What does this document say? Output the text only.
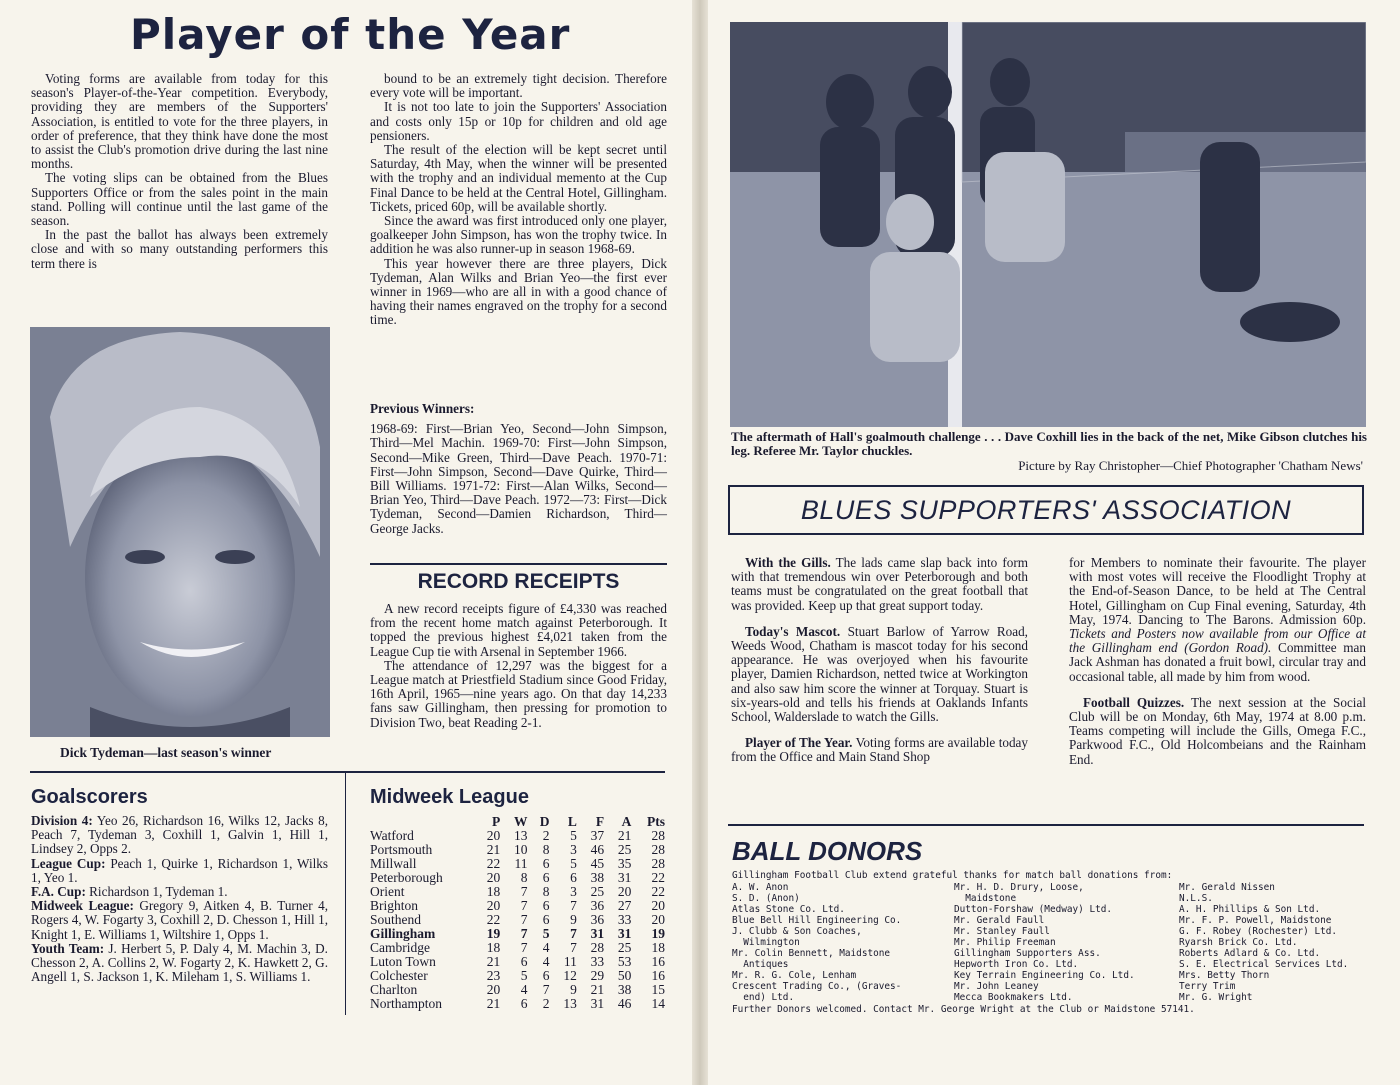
Player of the Year

Voting forms are available from today for this season's Player-of-the-Year competition. Everybody, providing they are members of the Supporters' Association, is entitled to vote for the three players, in order of preference, that they think have done the most to assist the Club's promotion drive during the last nine months.

The voting slips can be obtained from the Blues Supporters Office or from the sales point in the main stand. Polling will continue until the last game of the season.

In the past the ballot has always been extremely close and with so many outstanding performers this term there is

Dick Tydeman—last season's winner

bound to be an extremely tight decision. Therefore every vote will be important.

It is not too late to join the Supporters' Association and costs only 15p or 10p for children and old age pensioners.

The result of the election will be kept secret until Saturday, 4th May, when the winner will be presented with the trophy and an individual memento at the Cup Final Dance to be held at the Central Hotel, Gillingham. Tickets, priced 60p, will be available shortly.

Since the award was first introduced only one player, goalkeeper John Simpson, has won the trophy twice. In addition he was also runner-up in season 1968-69.

This year however there are three players, Dick Tydeman, Alan Wilks and Brian Yeo—the first ever winner in 1969—who are all in with a good chance of having their names engraved on the trophy for a second time.

Previous Winners:

1968-69: First—Brian Yeo, Second—John Simpson, Third—Mel Machin. 1969-70: First—John Simpson, Second—Mike Green, Third—Dave Peach. 1970-71: First—John Simpson, Second—Dave Quirke, Third—Bill Williams. 1971-72: First—Alan Wilks, Second—Brian Yeo, Third—Dave Peach. 1972—73: First—Dick Tydeman, Second—Damien Richardson, Third—George Jacks.

RECORD RECEIPTS

A new record receipts figure of £4,330 was reached from the recent home match against Peterborough. It topped the previous highest £4,021 taken from the League Cup tie with Arsenal in September 1966.

The attendance of 12,297 was the biggest for a League match at Priestfield Stadium since Good Friday, 16th April, 1965—nine years ago. On that day 14,233 fans saw Gillingham, then pressing for promotion to Division Two, beat Reading 2-1.

Goalscorers

Division 4: Yeo 26, Richardson 16, Wilks 12, Jacks 8, Peach 7, Tydeman 3, Coxhill 1, Galvin 1, Hill 1, Lindsey 2, Opps 2.

League Cup: Peach 1, Quirke 1, Richardson 1, Wilks 1, Yeo 1.

F.A. Cup: Richardson 1, Tydeman 1.

Midweek League: Gregory 9, Aitken 4, B. Turner 4, Rogers 4, W. Fogarty 3, Coxhill 2, D. Chesson 1, Hill 1, Knight 1, E. Williams 1, Wiltshire 1, Opps 1.

Youth Team: J. Herbert 5, P. Daly 4, M. Machin 3, D. Chesson 2, A. Collins 2, W. Fogarty 2, K. Hawkett 2, G. Angell 1, S. Jackson 1, K. Mileham 1, S. Williams 1.

Midweek League
	P	W	D	L	F	A	Pts
Watford	20	13	2	5	37	21	28
Portsmouth	21	10	8	3	46	25	28
Millwall	22	11	6	5	45	35	28
Peterborough	20	8	6	6	38	31	22
Orient	18	7	8	3	25	20	22
Brighton	20	7	6	7	36	27	20
Southend	22	7	6	9	36	33	20
Gillingham	19	7	5	7	31	31	19
Cambridge	18	7	4	7	28	25	18
Luton Town	21	6	4	11	33	53	16
Colchester	23	5	6	12	29	50	16
Charlton	20	4	7	9	21	38	15
Northampton	21	6	2	13	31	46	14
The aftermath of Hall's goalmouth challenge . . . Dave Coxhill lies in the back of the net, Mike Gibson clutches his leg. Referee Mr. Taylor chuckles.
Picture by Ray Christopher—Chief Photographer 'Chatham News'
BLUES SUPPORTERS' ASSOCIATION

With the Gills. The lads came slap back into form with that tremendous win over Peterborough and both teams must be congratulated on the great football that was provided. Keep up that great support today.

Today's Mascot. Stuart Barlow of Yarrow Road, Weeds Wood, Chatham is mascot today for his second appearance. He was overjoyed when his favourite player, Damien Richardson, netted twice at Workington and also saw him score the winner at Torquay. Stuart is six-years-old and tells his friends at Oaklands Infants School, Walderslade to watch the Gills.

Player of The Year. Voting forms are available today from the Office and Main Stand Shop

for Members to nominate their favourite. The player with most votes will receive the Floodlight Trophy at the End-of-Season Dance, to be held at The Central Hotel, Gillingham on Cup Final evening, Saturday, 4th May, 1974. Dancing to The Barons. Admission 60p. Tickets and Posters now available from our Office at the Gillingham end (Gordon Road). Committee man Jack Ashman has donated a fruit bowl, circular tray and occasional table, all made by him from wood.

Football Quizzes. The next session at the Social Club will be on Monday, 6th May, 1974 at 8.00 p.m. Teams competing will include the Gills, Omega F.C., Parkwood F.C., Old Holcombeians and the Rainham End.

BALL DONORS
Gillingham Football Club extend grateful thanks for match ball donations from:
A. W. Anon
S. D. (Anon)
Atlas Stone Co. Ltd.
Blue Bell Hill Engineering Co.
J. Clubb & Son Coaches,
Wilmington
Mr. Colin Bennett, Maidstone
Antiques
Mr. R. G. Cole, Lenham
Crescent Trading Co., (Graves-
end) Ltd.
Mr. H. D. Drury, Loose,
Maidstone
Dutton-Forshaw (Medway) Ltd.
Mr. Gerald Faull
Mr. Stanley Faull
Mr. Philip Freeman
Gillingham Supporters Ass.
Hepworth Iron Co. Ltd.
Key Terrain Engineering Co. Ltd.
Mr. John Leaney
Mecca Bookmakers Ltd.
Mr. Gerald Nissen
N.L.S.
A. H. Phillips & Son Ltd.
Mr. F. P. Powell, Maidstone
G. F. Robey (Rochester) Ltd.
Ryarsh Brick Co. Ltd.
Roberts Adlard & Co. Ltd.
S. E. Electrical Services Ltd.
Mrs. Betty Thorn
Terry Trim
Mr. G. Wright
Further Donors welcomed. Contact Mr. George Wright at the Club or Maidstone 57141.
